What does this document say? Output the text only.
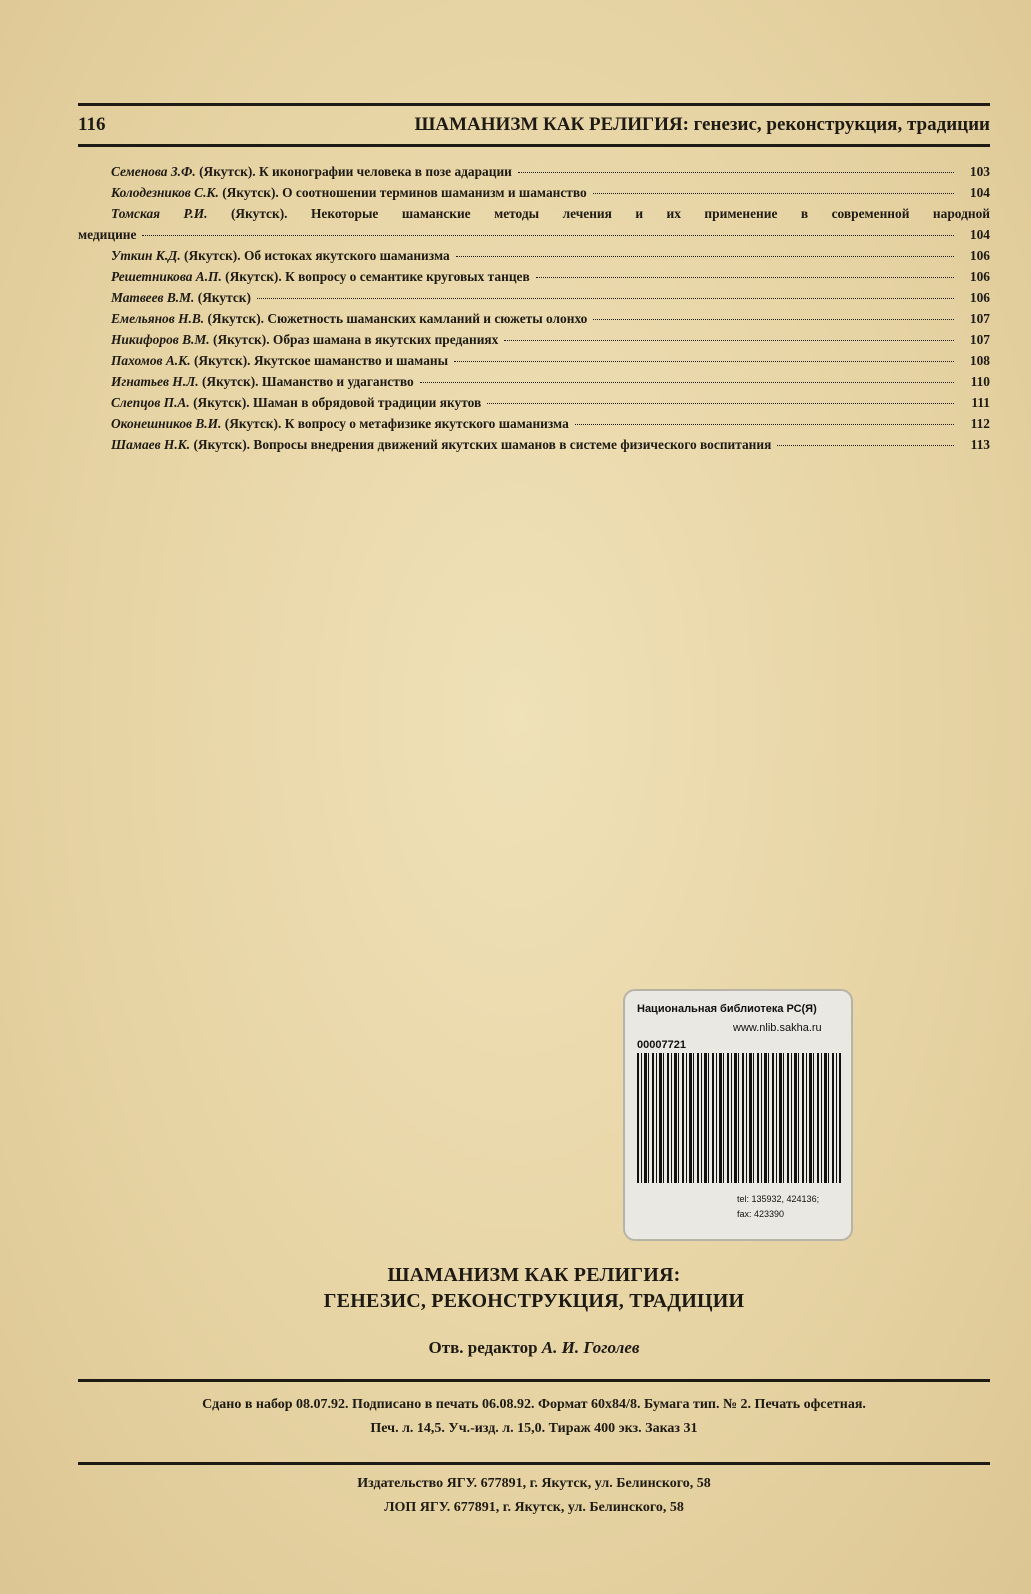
116	ШАМАНИЗМ КАК РЕЛИГИЯ: генезис, реконструкция, традиции
Семенова З.Ф. (Якутск). К иконографии человека в позе адарации	103
Колодезников С.К. (Якутск). О соотношении терминов шаманизм и шаманство	104
Томская Р.И. (Якутск). Некоторые шаманские методы лечения и их применение в современной народной
медицине	104
Уткин К.Д. (Якутск). Об истоках якутского шаманизма	106
Решетникова А.П. (Якутск). К вопросу о семантике круговых танцев	106
Матвеев В.М. (Якутск)	106
Емельянов Н.В. (Якутск). Сюжетность шаманских камланий и сюжеты олонхо	107
Никифоров В.М. (Якутск). Образ шамана в якутских преданиях	107
Пахомов А.К. (Якутск). Якутское шаманство и шаманы	108
Игнатьев Н.Л. (Якутск). Шаманство и удаганство	110
Слепцов П.А. (Якутск). Шаман в обрядовой традиции якутов	111
Оконешников В.И. (Якутск). К вопросу о метафизике якутского шаманизма	112
Шамаев Н.К. (Якутск). Вопросы внедрения движений якутских шаманов в системе физического воспитания	113
Национальная библиотека РС(Я)
www.nlib.sakha.ru
00007721
tel: 135932, 424136;
fax: 423390
ШАМАНИЗМ КАК РЕЛИГИЯ:
ГЕНЕЗИС, РЕКОНСТРУКЦИЯ, ТРАДИЦИИ
Отв. редактор А. И. Гоголев
Сдано в набор 08.07.92. Подписано в печать 06.08.92. Формат 60х84/8. Бумага тип. № 2. Печать офсетная.
Печ. л. 14,5. Уч.-изд. л. 15,0. Тираж 400 экз. Заказ 31
Издательство ЯГУ. 677891, г. Якутск, ул. Белинского, 58
ЛОП ЯГУ. 677891, г. Якутск, ул. Белинского, 58
